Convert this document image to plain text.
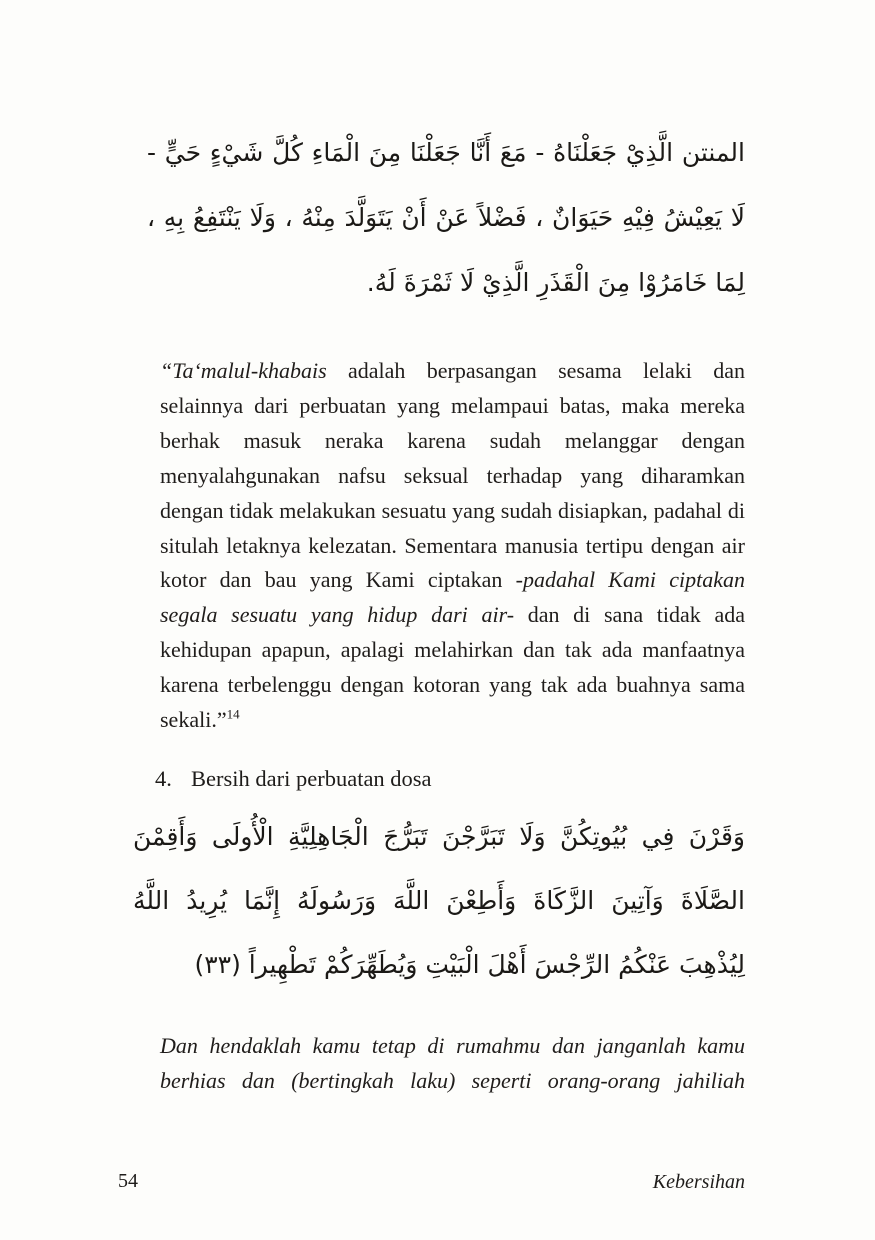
المنتن الَّذِيْ جَعَلْنَاهُ - مَعَ أَنَّا جَعَلْنَا مِنَ الْمَاءِ كُلَّ شَيْءٍ حَيٍّ -
لَا يَعِيْشُ فِيْهِ حَيَوَانٌ ، فَضْلاً عَنْ أَنْ يَتَوَلَّدَ مِنْهُ ، وَلَا يَنْتَفِعُ بِهِ ،
لِمَا خَامَرُوْا مِنَ الْقَذَرِ الَّذِيْ لَا ثَمْرَةَ لَهُ.

“Ta‘malul-khabais adalah berpasangan sesama lelaki dan selainnya dari perbuatan yang melampaui batas, maka mereka berhak masuk neraka karena sudah melanggar dengan menyalahgunakan nafsu seksual terhadap yang diharamkan dengan tidak melakukan sesuatu yang sudah disiapkan, padahal di situlah letaknya kelezatan. Sementara manusia tertipu dengan air kotor dan bau yang Kami ciptakan -padahal Kami ciptakan segala sesuatu yang hidup dari air- dan di sana tidak ada kehidupan apapun, apalagi melahirkan dan tak ada manfaatnya karena terbelenggu dengan kotoran yang tak ada buahnya sama sekali.”$^{14}$

4. Bersih dari perbuatan dosa
وَقَرْنَ فِي بُيُوتِكُنَّ وَلَا تَبَرَّجْنَ تَبَرُّجَ الْجَاهِلِيَّةِ الْأُولَى وَأَقِمْنَ
الصَّلَاةَ وَآتِينَ الزَّكَاةَ وَأَطِعْنَ اللَّهَ وَرَسُولَهُ إِنَّمَا يُرِيدُ اللَّهُ
لِيُذْهِبَ عَنْكُمُ الرِّجْسَ أَهْلَ الْبَيْتِ وَيُطَهِّرَكُمْ تَطْهِيراً (٣٣)

Dan hendaklah kamu tetap di rumahmu dan janganlah kamu berhias dan (bertingkah laku) seperti orang-orang jahiliah

54	Kebersihan
